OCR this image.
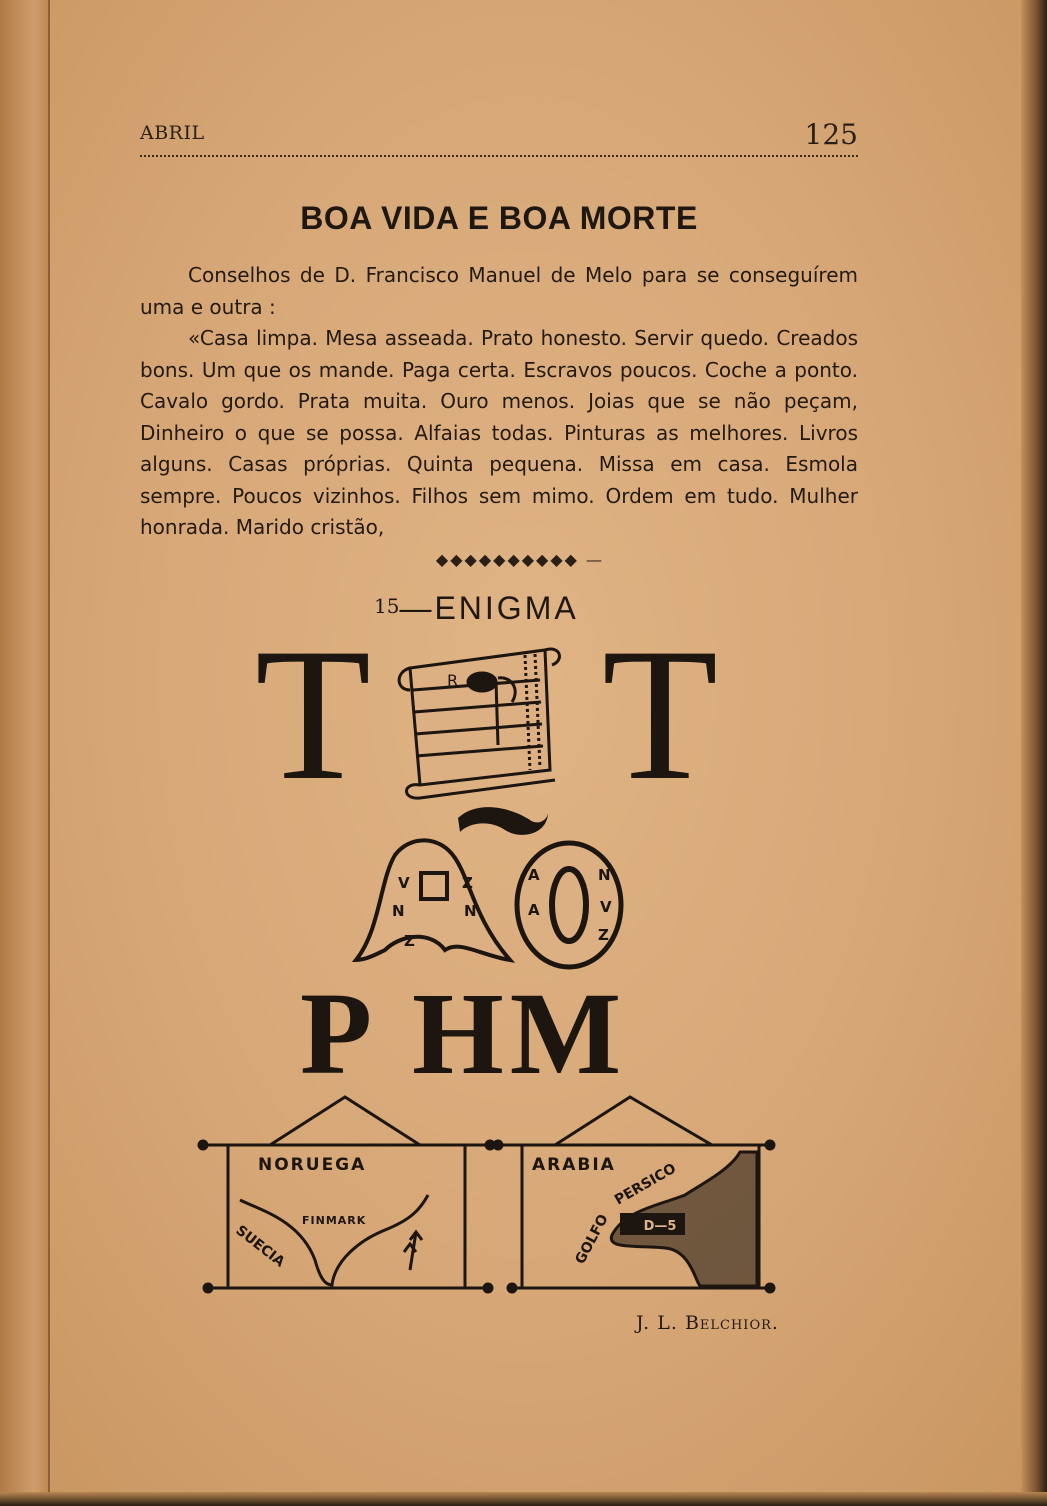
ABRIL	125
BOA VIDA E BOA MORTE

Conselhos de D. Francisco Manuel de Melo para se conseguírem uma e outra :

«Casa limpa. Mesa asseada. Prato honesto. Servir quedo. Creados bons. Um que os mande. Paga certa. Escravos poucos. Coche a ponto. Cavalo gordo. Prata muita. Ouro menos. Joias que se não peçam, Dinheiro o que se possa. Alfaias todas. Pinturas as melhores. Livros alguns. Casas próprias. Quinta pequena. Missa em casa. Esmola sempre. Poucos vizinhos. Filhos sem mimo. Ordem em tudo. Mulher honrada. Marido cristão,

◆◆◆◆◆◆◆◆◆◆ —
15—ENIGMA
T T
P HM
R
V N Z N Z	A A N V Z
NORUEGA
FINMARK
SUECIA	D—5
ARABIA
GOLFO
PERSICO
J. L. Belchior.
